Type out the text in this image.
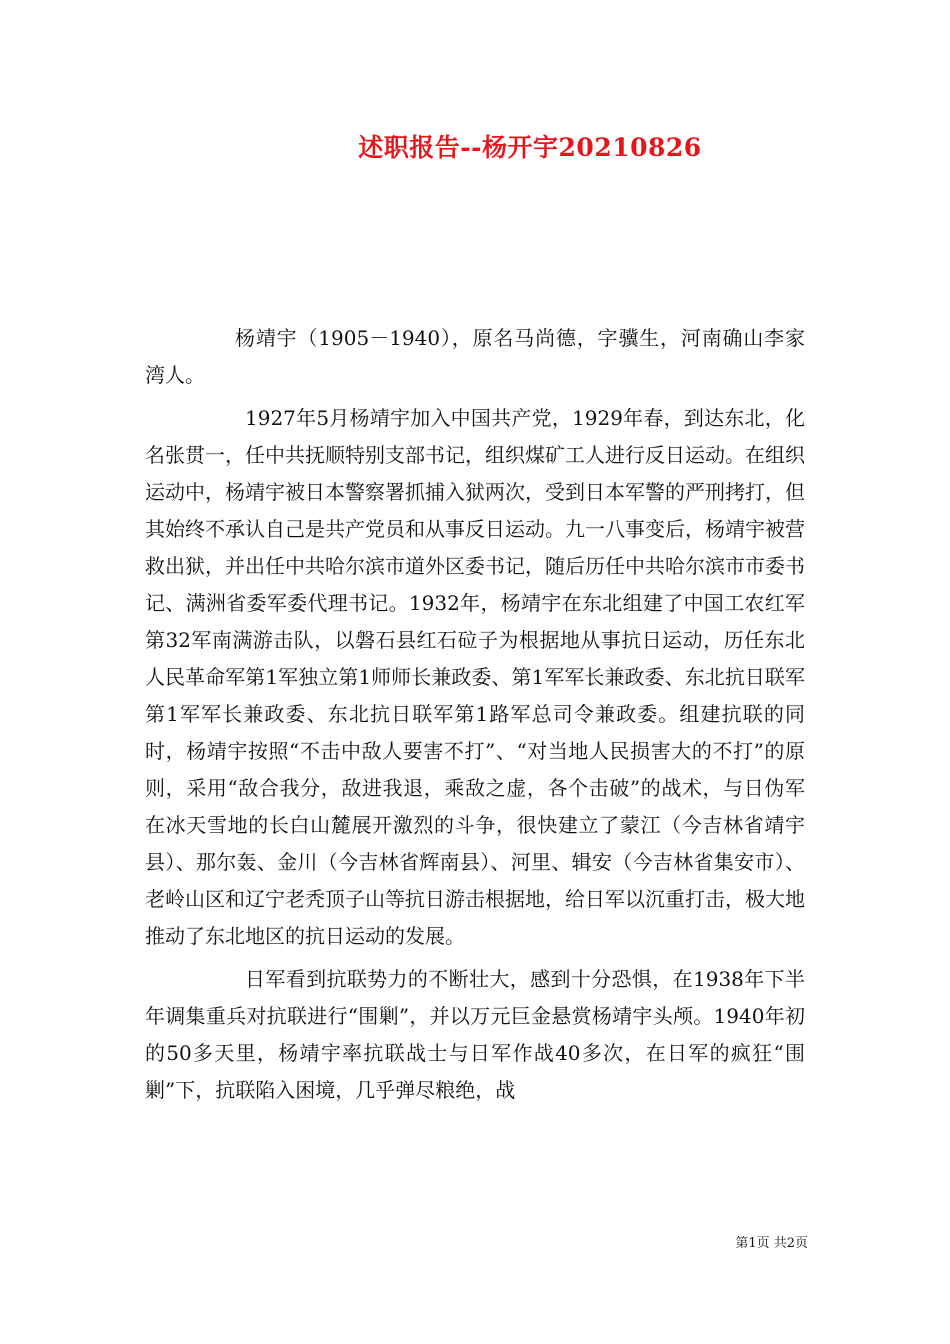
述职报告--杨开宇20210826

杨靖宇（1905－1940），原名马尚德，字骥生，河南确山李家湾人。

1927年5月杨靖宇加入中国共产党，1929年春，到达东北，化名张贯一，任中共抚顺特别支部书记，组织煤矿工人进行反日运动。在组织运动中，杨靖宇被日本警察署抓捕入狱两次，受到日本军警的严刑拷打，但其始终不承认自己是共产党员和从事反日运动。九一八事变后，杨靖宇被营救出狱，并出任中共哈尔滨市道外区委书记，随后历任中共哈尔滨市市委书记、满洲省委军委代理书记。1932年，杨靖宇在东北组建了中国工农红军第32军南满游击队，以磐石县红石砬子为根据地从事抗日运动，历任东北人民革命军第1军独立第1师师长兼政委、第1军军长兼政委、东北抗日联军第1军军长兼政委、东北抗日联军第1路军总司令兼政委。组建抗联的同时，杨靖宇按照“不击中敌人要害不打”、“对当地人民损害大的不打”的原则，采用“敌合我分，敌进我退，乘敌之虚，各个击破”的战术，与日伪军在冰天雪地的长白山麓展开激烈的斗争，很快建立了蒙江（今吉林省靖宇县）、那尔轰、金川（今吉林省辉南县）、河里、辑安（今吉林省集安市）、老岭山区和辽宁老秃顶子山等抗日游击根据地，给日军以沉重打击，极大地推动了东北地区的抗日运动的发展。

日军看到抗联势力的不断壮大，感到十分恐惧，在1938年下半年调集重兵对抗联进行“围剿”，并以万元巨金悬赏杨靖宇头颅。1940年初的50多天里，杨靖宇率抗联战士与日军作战40多次，在日军的疯狂“围剿”下，抗联陷入困境，几乎弹尽粮绝，战

第1页 共2页
